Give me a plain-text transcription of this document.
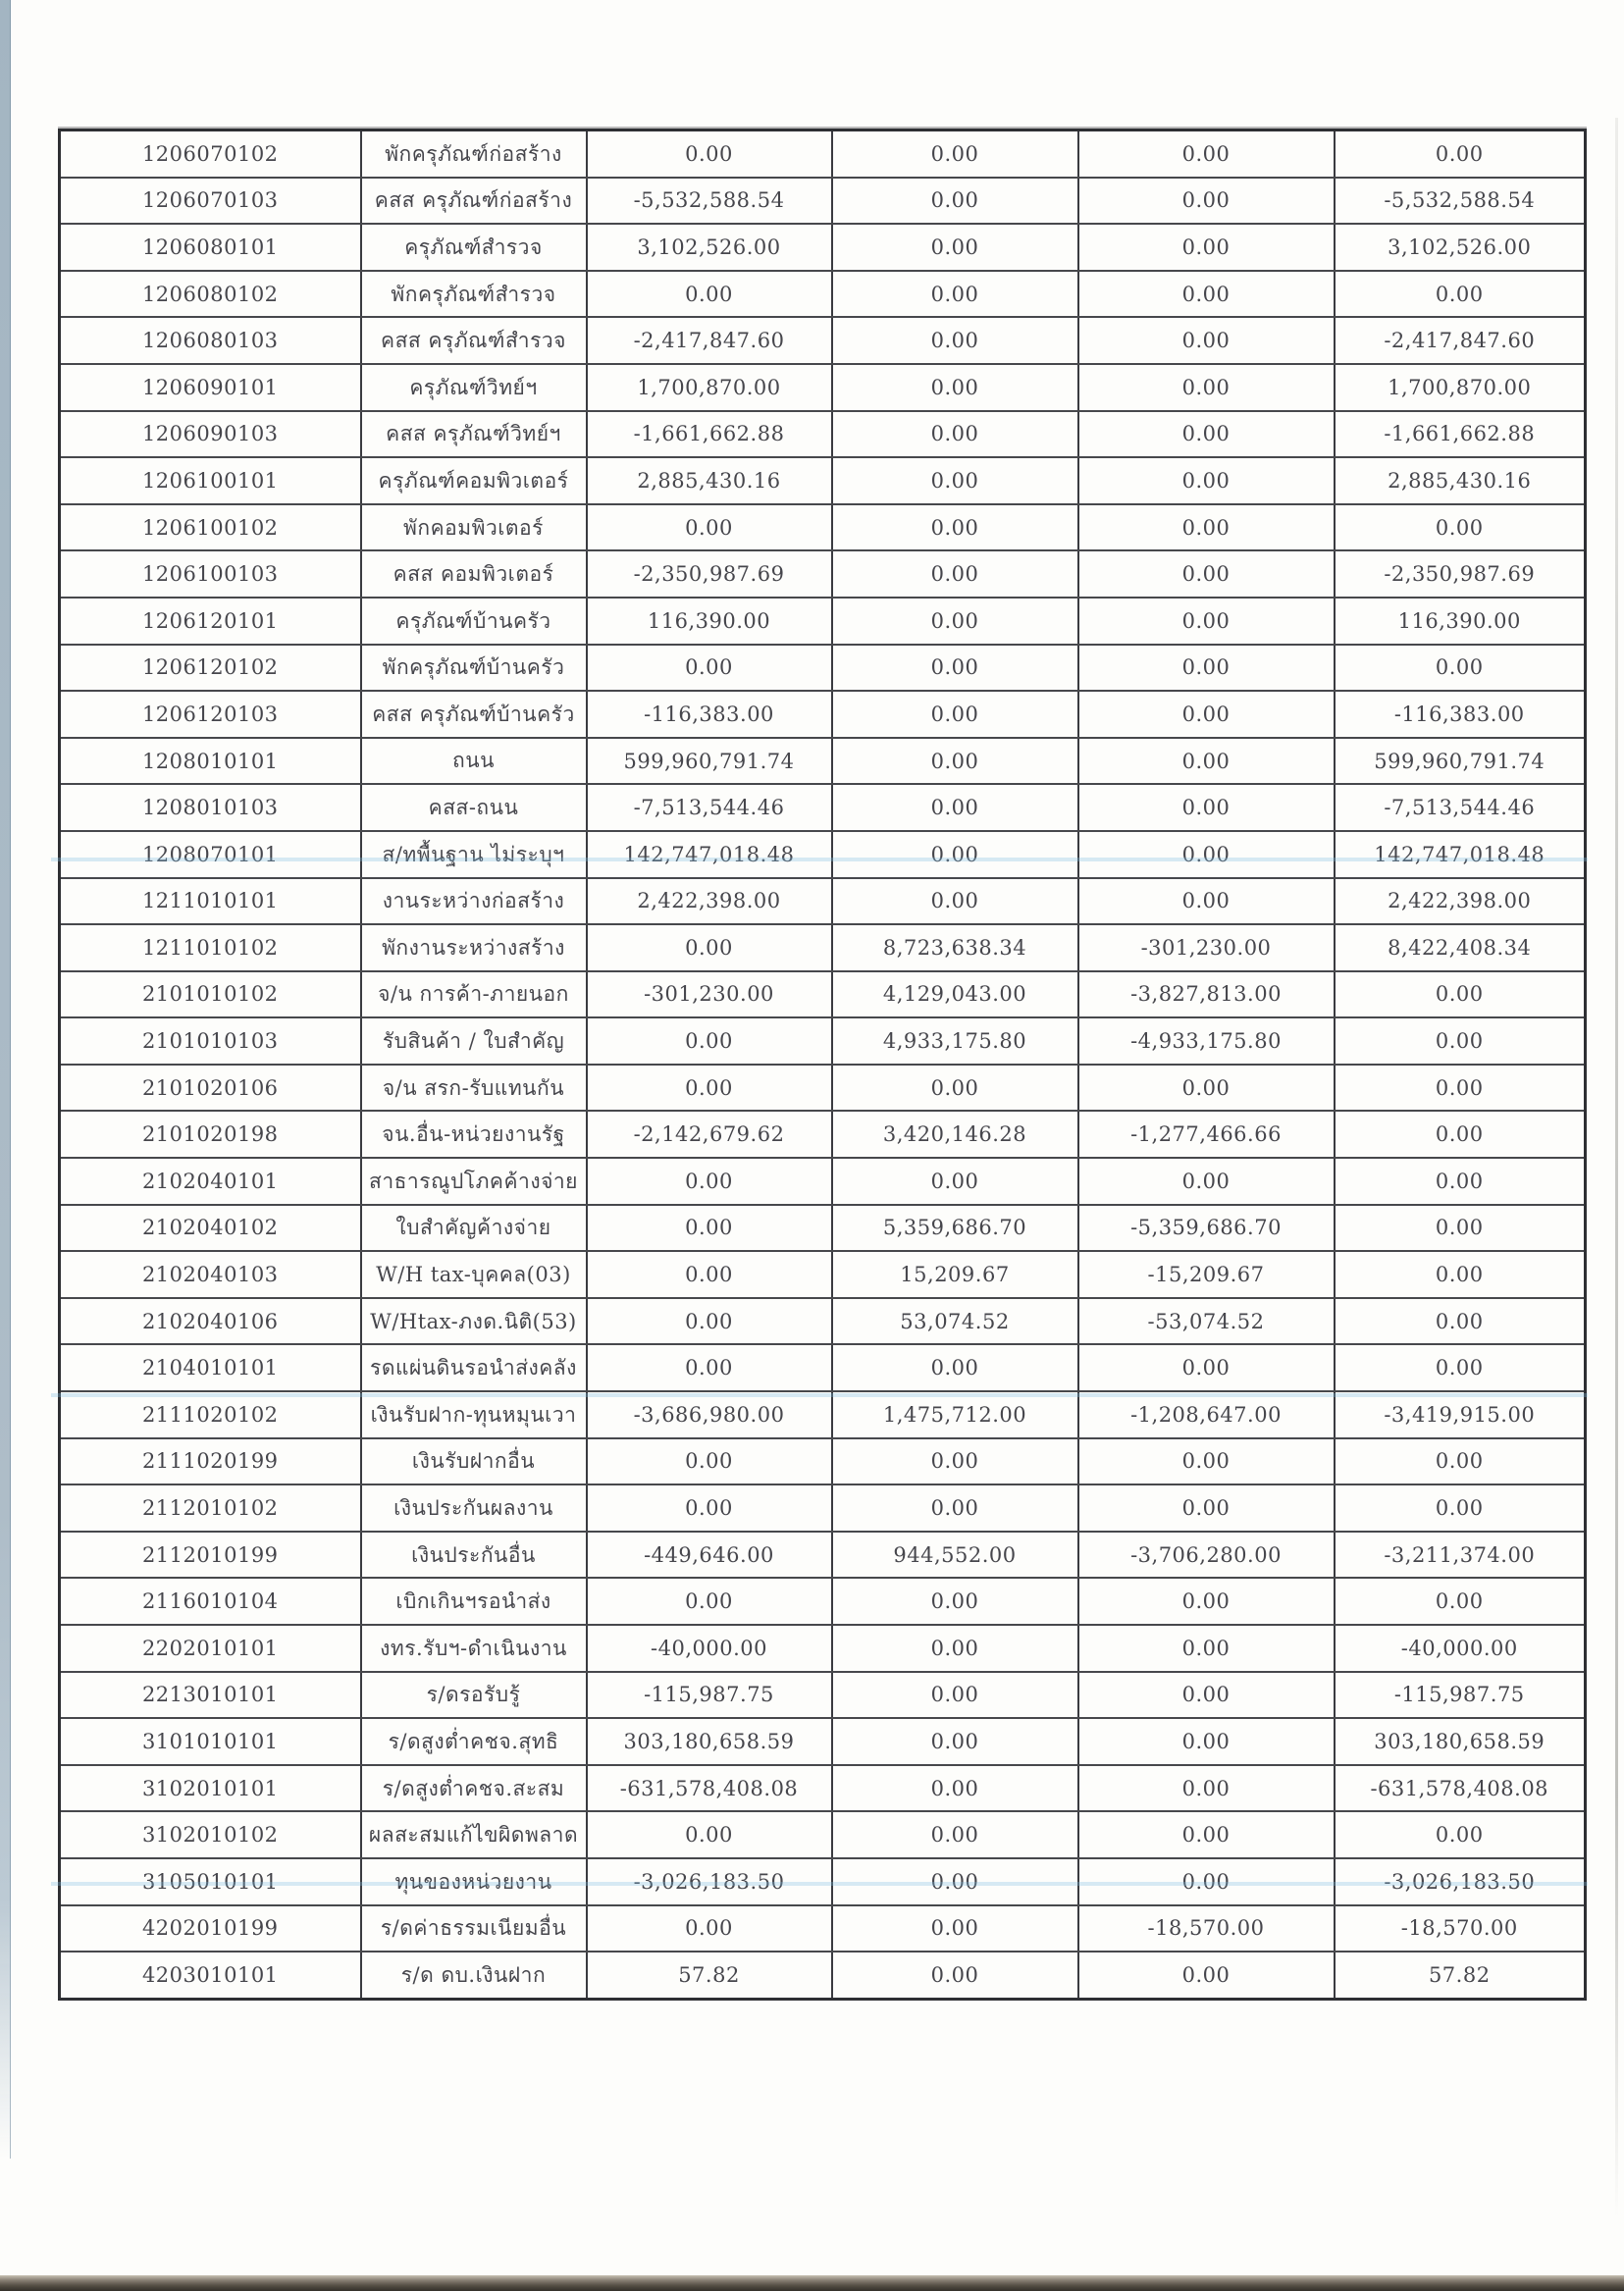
1206070102	พักครุภัณฑ์ก่อสร้าง	0.00	0.00	0.00	0.00
1206070103	คสส ครุภัณฑ์ก่อสร้าง	-5,532,588.54	0.00	0.00	-5,532,588.54
1206080101	ครุภัณฑ์สำรวจ	3,102,526.00	0.00	0.00	3,102,526.00
1206080102	พักครุภัณฑ์สำรวจ	0.00	0.00	0.00	0.00
1206080103	คสส ครุภัณฑ์สำรวจ	-2,417,847.60	0.00	0.00	-2,417,847.60
1206090101	ครุภัณฑ์วิทย์ฯ	1,700,870.00	0.00	0.00	1,700,870.00
1206090103	คสส ครุภัณฑ์วิทย์ฯ	-1,661,662.88	0.00	0.00	-1,661,662.88
1206100101	ครุภัณฑ์คอมพิวเตอร์	2,885,430.16	0.00	0.00	2,885,430.16
1206100102	พักคอมพิวเตอร์	0.00	0.00	0.00	0.00
1206100103	คสส คอมพิวเตอร์	-2,350,987.69	0.00	0.00	-2,350,987.69
1206120101	ครุภัณฑ์บ้านครัว	116,390.00	0.00	0.00	116,390.00
1206120102	พักครุภัณฑ์บ้านครัว	0.00	0.00	0.00	0.00
1206120103	คสส ครุภัณฑ์บ้านครัว	-116,383.00	0.00	0.00	-116,383.00
1208010101	ถนน	599,960,791.74	0.00	0.00	599,960,791.74
1208010103	คสส-ถนน	-7,513,544.46	0.00	0.00	-7,513,544.46
1208070101	ส/ทพื้นฐาน ไม่ระบุฯ	142,747,018.48	0.00	0.00	142,747,018.48
1211010101	งานระหว่างก่อสร้าง	2,422,398.00	0.00	0.00	2,422,398.00
1211010102	พักงานระหว่างสร้าง	0.00	8,723,638.34	-301,230.00	8,422,408.34
2101010102	จ/น การค้า-ภายนอก	-301,230.00	4,129,043.00	-3,827,813.00	0.00
2101010103	รับสินค้า / ใบสำคัญ	0.00	4,933,175.80	-4,933,175.80	0.00
2101020106	จ/น สรก-รับแทนกัน	0.00	0.00	0.00	0.00
2101020198	จน.อื่น-หน่วยงานรัฐ	-2,142,679.62	3,420,146.28	-1,277,466.66	0.00
2102040101	สาธารณูปโภคค้างจ่าย	0.00	0.00	0.00	0.00
2102040102	ใบสำคัญค้างจ่าย	0.00	5,359,686.70	-5,359,686.70	0.00
2102040103	W/H tax-บุคคล(03)	0.00	15,209.67	-15,209.67	0.00
2102040106	W/Htax-ภงด.นิติ(53)	0.00	53,074.52	-53,074.52	0.00
2104010101	รดแผ่นดินรอนำส่งคลัง	0.00	0.00	0.00	0.00
2111020102	เงินรับฝาก-ทุนหมุนเวา	-3,686,980.00	1,475,712.00	-1,208,647.00	-3,419,915.00
2111020199	เงินรับฝากอื่น	0.00	0.00	0.00	0.00
2112010102	เงินประกันผลงาน	0.00	0.00	0.00	0.00
2112010199	เงินประกันอื่น	-449,646.00	944,552.00	-3,706,280.00	-3,211,374.00
2116010104	เบิกเกินฯรอนำส่ง	0.00	0.00	0.00	0.00
2202010101	งทร.รับฯ-ดำเนินงาน	-40,000.00	0.00	0.00	-40,000.00
2213010101	ร/ดรอรับรู้	-115,987.75	0.00	0.00	-115,987.75
3101010101	ร/ดสูงต่ำคชจ.สุทธิ	303,180,658.59	0.00	0.00	303,180,658.59
3102010101	ร/ดสูงต่ำคชจ.สะสม	-631,578,408.08	0.00	0.00	-631,578,408.08
3102010102	ผลสะสมแก้ไขผิดพลาด	0.00	0.00	0.00	0.00
3105010101	ทุนของหน่วยงาน	-3,026,183.50	0.00	0.00	-3,026,183.50
4202010199	ร/ดค่าธรรมเนียมอื่น	0.00	0.00	-18,570.00	-18,570.00
4203010101	ร/ด ดบ.เงินฝาก	57.82	0.00	0.00	57.82
